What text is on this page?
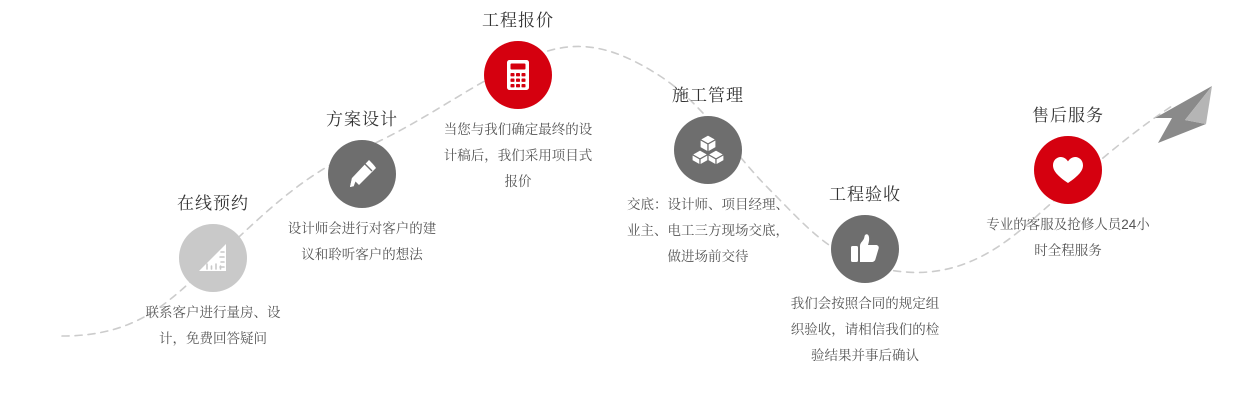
在线预约
联系客户进行量房、设计，免费回答疑问
方案设计
设计师会进行对客户的建议和聆听客户的想法
工程报价
当您与我们确定最终的设计稿后，我们采用项目式报价
施工管理
交底：设计师、项目经理、业主、电工三方现场交底，做进场前交待
工程验收
我们会按照合同的规定组织验收，请相信我们的检验结果并事后确认
售后服务
专业的客服及抢修人员24小时全程服务
